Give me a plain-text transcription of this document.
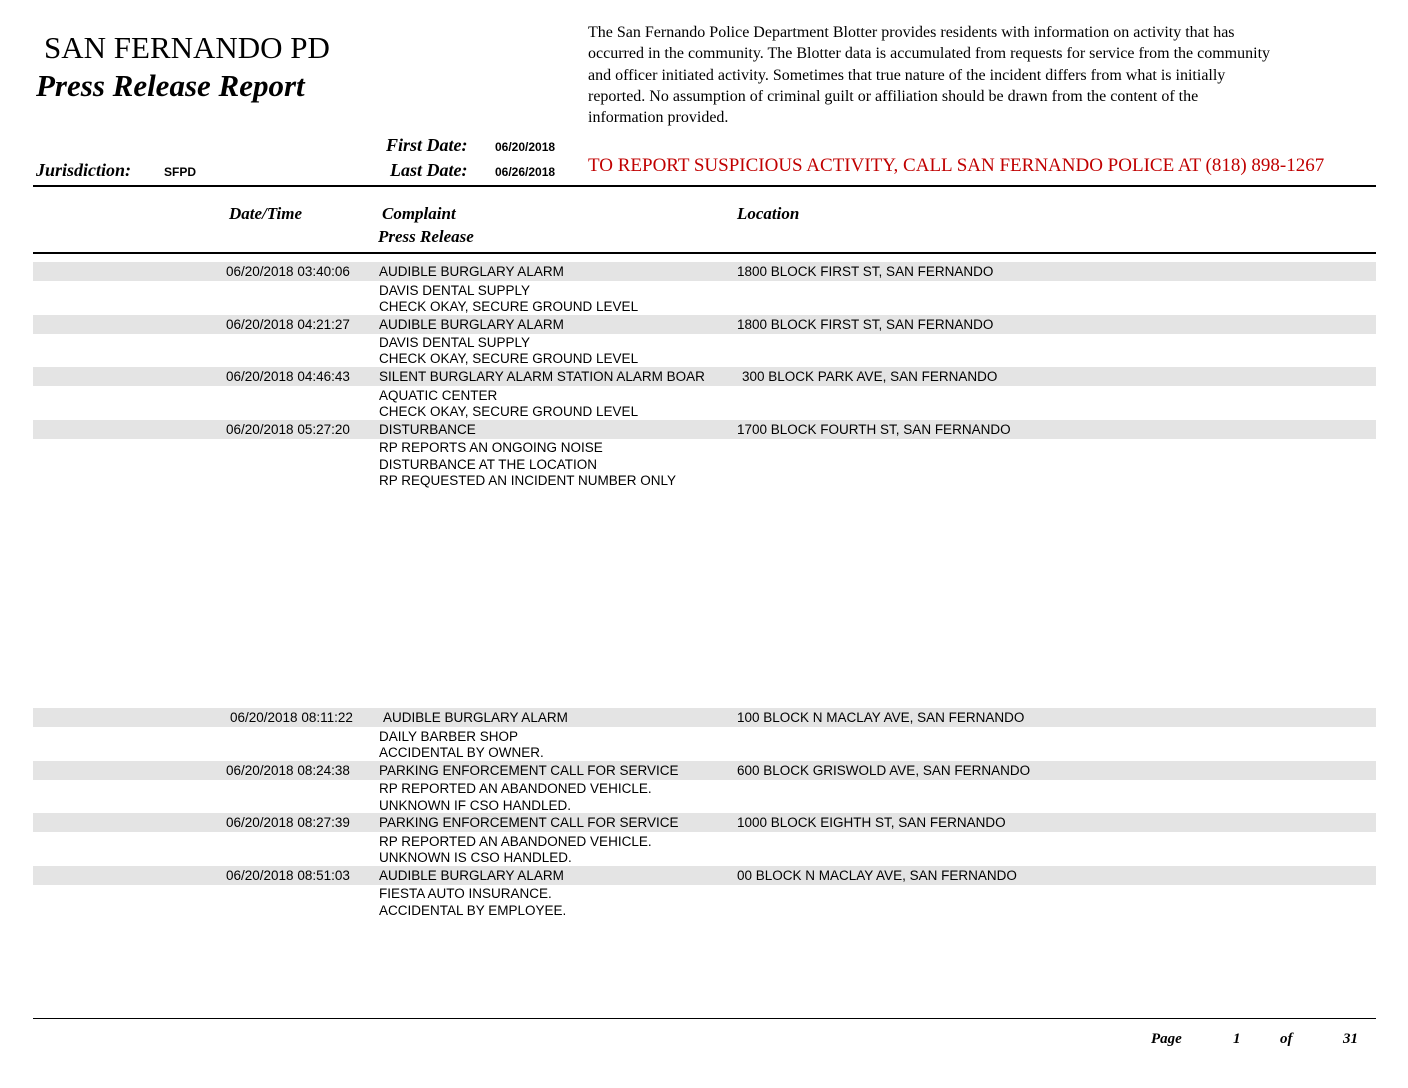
SAN FERNANDO PD
Press Release Report
The San Fernando Police Department Blotter provides residents with information on activity that has
occurred in the community. The Blotter data is accumulated from requests for service from the community
and officer initiated activity. Sometimes that true nature of the incident differs from what is initially
reported. No assumption of criminal guilt or affiliation should be drawn from the content of the
information provided.
First Date: 06/20/2018
Last Date: 06/26/2018
Jurisdiction:	SFPD	TO REPORT SUSPICIOUS ACTIVITY, CALL SAN FERNANDO POLICE AT (818) 898-1267
Date/Time	Complaint
Press Release
Location
06/20/2018 03:40:06 AUDIBLE BURGLARY ALARM	1800 BLOCK FIRST ST, SAN FERNANDO
DAVIS DENTAL SUPPLY
CHECK OKAY, SECURE GROUND LEVEL
06/20/2018 04:21:27 AUDIBLE BURGLARY ALARM	1800 BLOCK FIRST ST, SAN FERNANDO
DAVIS DENTAL SUPPLY
CHECK OKAY, SECURE GROUND LEVEL
06/20/2018 04:46:43 SILENT BURGLARY ALARM STATION ALARM BOAR	300 BLOCK PARK AVE, SAN FERNANDO
AQUATIC CENTER
CHECK OKAY, SECURE GROUND LEVEL
06/20/2018 05:27:20 DISTURBANCE	1700 BLOCK FOURTH ST, SAN FERNANDO
RP REPORTS AN ONGOING NOISE
DISTURBANCE AT THE LOCATION
RP REQUESTED AN INCIDENT NUMBER ONLY
06/20/2018 08:11:22 AUDIBLE BURGLARY ALARM	100 BLOCK N MACLAY AVE, SAN FERNANDO
DAILY BARBER SHOP
ACCIDENTAL BY OWNER.
06/20/2018 08:24:38 PARKING ENFORCEMENT CALL FOR SERVICE	600 BLOCK GRISWOLD AVE, SAN FERNANDO
RP REPORTED AN ABANDONED VEHICLE.
UNKNOWN IF CSO HANDLED.
06/20/2018 08:27:39 PARKING ENFORCEMENT CALL FOR SERVICE	1000 BLOCK EIGHTH ST, SAN FERNANDO
RP REPORTED AN ABANDONED VEHICLE.
UNKNOWN IS CSO HANDLED.
06/20/2018 08:51:03 AUDIBLE BURGLARY ALARM	00 BLOCK N MACLAY AVE, SAN FERNANDO
FIESTA AUTO INSURANCE.
ACCIDENTAL BY EMPLOYEE.
Page	1	of	31
